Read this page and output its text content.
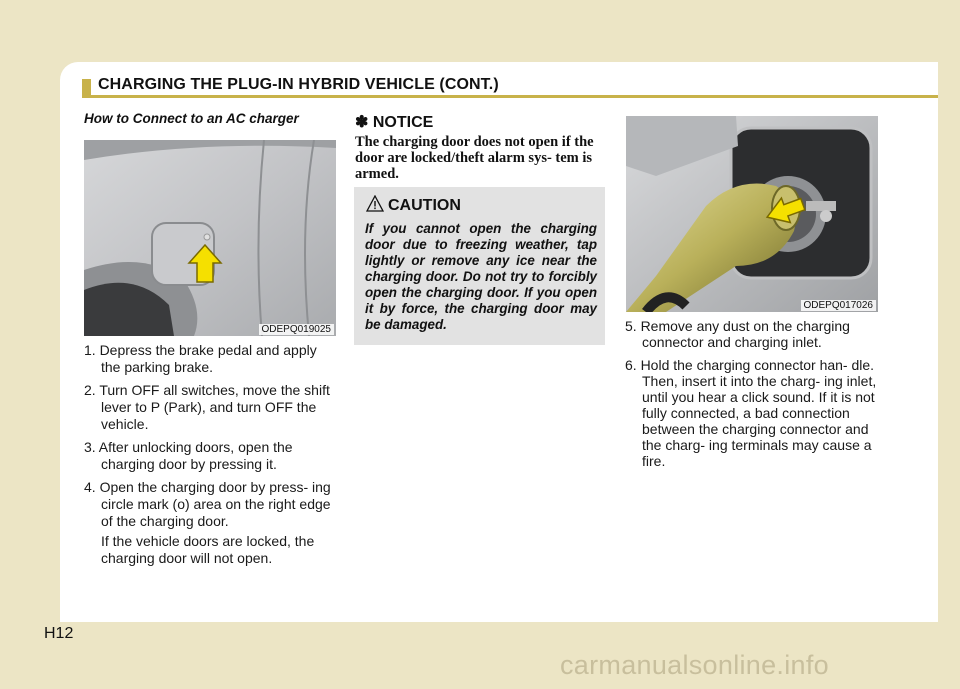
CHARGING THE PLUG-IN HYBRID VEHICLE (CONT.)
How to Connect to an AC charger
ODEPQ019025
1. Depress the brake pedal and apply the parking brake.
2. Turn OFF all switches, move the shift lever to P (Park), and turn OFF the vehicle.
3. After unlocking doors, open the charging door by pressing it.
4. Open the charging door by press- ing circle mark (o) area on the right edge of the charging door.
If the vehicle doors are locked, the charging door will not open.
✽ NOTICE
The charging door does not open if the door are locked/theft alarm sys- tem is armed.
CAUTION
If you cannot open the charging door due to freezing weather, tap lightly or remove any ice near the charging door. Do not try to forcibly open the charging door. If you open it by force, the charging door may be damaged.
ODEPQ017026
5. Remove any dust on the charging connector and charging inlet.
6. Hold the charging connector han- dle. Then, insert it into the charg- ing inlet, until you hear a click sound. If it is not fully connected, a bad connection between the charging connector and the charg- ing terminals may cause a fire.
H12
carmanualsonline.info
